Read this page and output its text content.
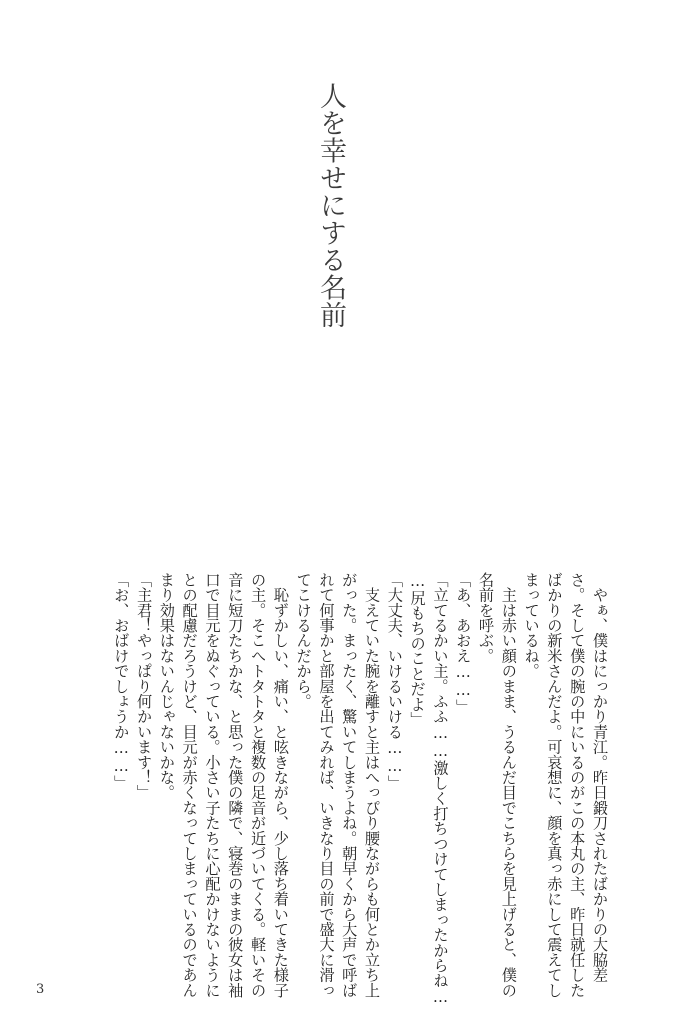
人を幸せにする名前
　やぁ、僕はにっかり青江。昨日鍛刀されたばかりの大脇差
さ。そして僕の腕の中にいるのがこの本丸の主、昨日就任した
ばかりの新米さんだよ。可哀想に、顔を真っ赤にして震えてし
まっているね。
　主は赤い顔のまま、うるんだ目でこちらを見上げると、僕の
名前を呼ぶ。
「あ、あおえ……」
「立てるかい主。ふふ……激しく打ちつけてしまったからね…
…尻もちのことだよ」
「大丈夫、いけるいける……」
　支えていた腕を離すと主はへっぴり腰ながらも何とか立ち上
がった。まったく、驚いてしまうよね。朝早くから大声で呼ば
れて何事かと部屋を出てみれば、いきなり目の前で盛大に滑っ
てこけるんだから。
　恥ずかしい、痛い、と呟きながら、少し落ち着いてきた様子
の主。そこへトタトタと複数の足音が近づいてくる。軽いその
音に短刀たちかな、と思った僕の隣で、寝巻のままの彼女は袖
口で目元をぬぐっている。小さい子たちに心配かけないように
との配慮だろうけど、目元が赤くなってしまっているのであん
まり効果はないんじゃないかな。
「主君！やっぱり何かいます！」
「お、おばけでしょうか……」
3
